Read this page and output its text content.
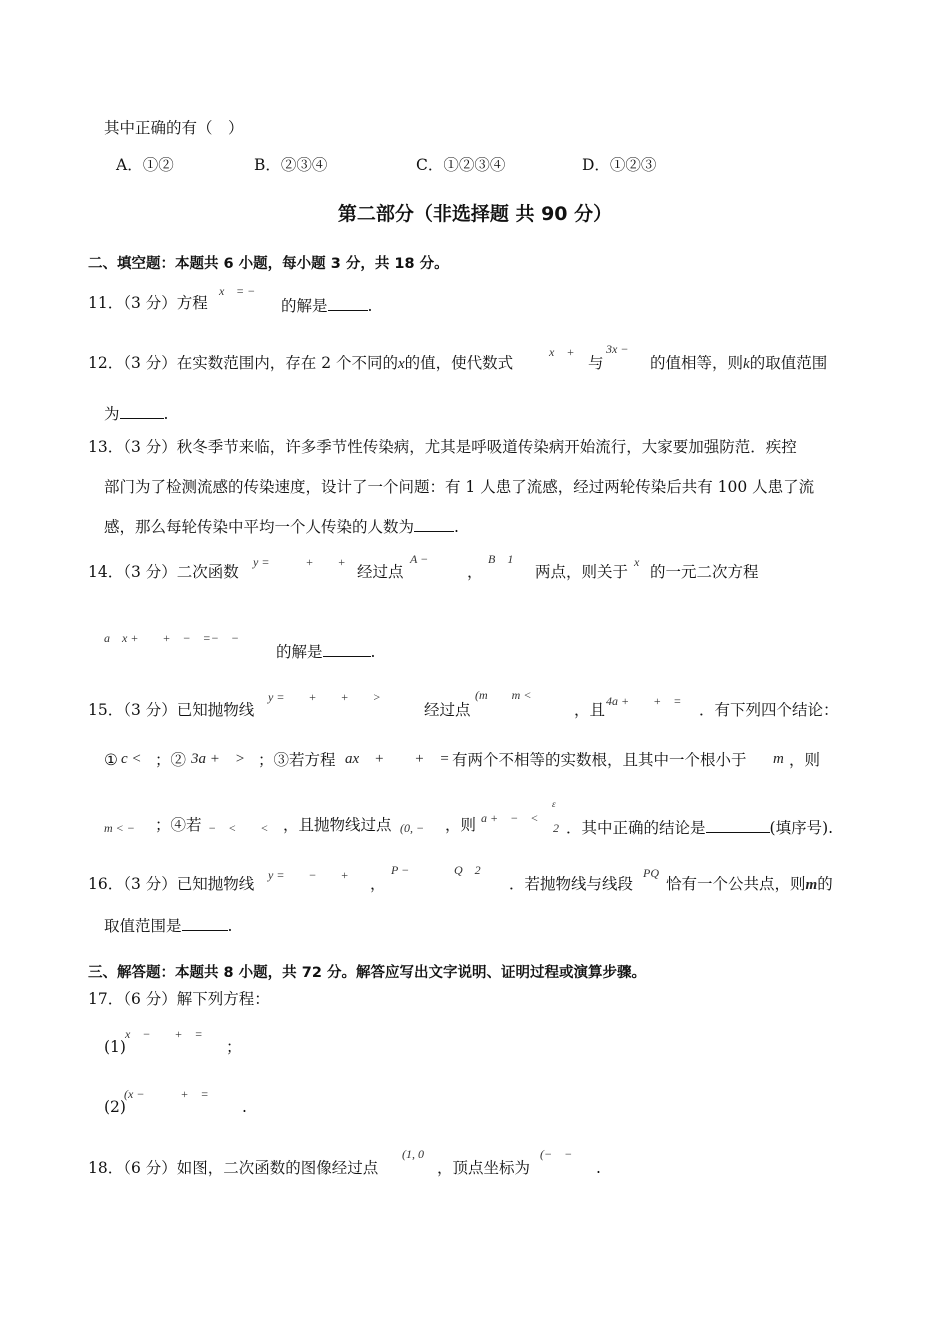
其中正确的有（　）
A．①②	B．②③④	C．①②③④	D．①②③
第二部分（非选择题 共 90 分）
二、填空题：本题共 6 小题，每小题 3 分，共 18 分。
11．（3 分）方程
x = −
的解是	.
12．（3 分）在实数范围内，存在 2 个不同的x的值，使代数式
x　+
与
3x −
的值相等，则k的取值范围
为	.
13．（3 分）秋冬季节来临，许多季节性传染病，尤其是呼吸道传染病开始流行，大家要加强防范．疾控
部门为了检测流感的传染速度，设计了一个问题：有 1 人患了流感，经过两轮传染后共有 100 人患了流
感，那么每轮传染中平均一个人传染的人数为	.
14．（3 分）二次函数
y =　　　+　　+
经过点
A −
，
B　1
两点，则关于
x
的一元二次方程
a　x +　　+　−　=−　−
的解是	.
15．（3 分）已知抛物线
y =　　+　　+　　>
经过点
(m　　m <
，且 4a +　　+　= ．有下列四个结论：
① c < ；② 3a +　> ；③若方程 ax　+　　+　= 有两个不相等的实数根，且其中一个根小于 m ，则
m < − ；④若 −　<　　< ，且抛物线过点 (0, − ，则 a +　−　<
ε
2 ．其中正确的结论是	(填序号).
16．（3 分）已知抛物线 y =　　−　　+ ，
P −	Q　2
．若抛物线与线段
PQ
恰有一个公共点，则m的
取值范围是	.
三、解答题：本题共 8 小题，共 72 分。解答应写出文字说明、证明过程或演算步骤。
17．（6 分）解下列方程：
(1)
x　−　　+　=
；
(2)
(x −　　　+　=
.
18．（6 分）如图，二次函数的图像经过点
(1, 0
，顶点坐标为
(−　−
.
